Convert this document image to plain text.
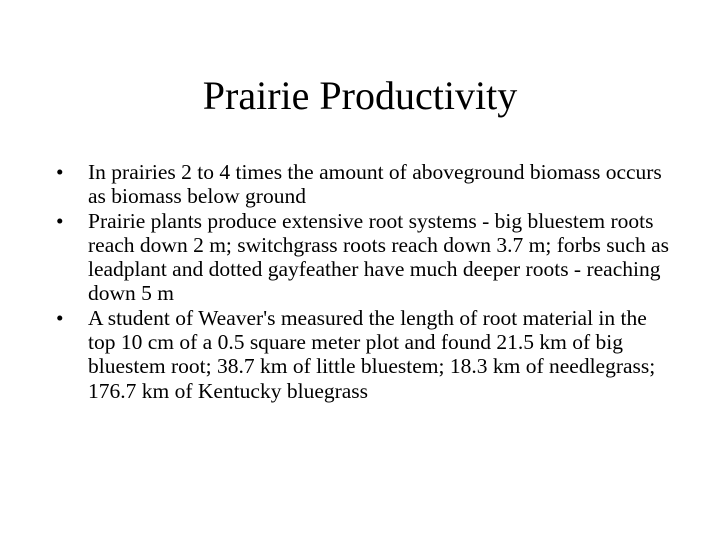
Prairie Productivity
•	In prairies 2 to 4 times the amount of aboveground biomass occurs as biomass below ground
•	Prairie plants produce extensive root systems - big bluestem roots reach down 2 m; switchgrass roots reach down 3.7 m; forbs such as leadplant and dotted gayfeather have much deeper roots - reaching down 5 m
•	A student of Weaver's measured the length of root material in the top 10 cm of a 0.5 square meter plot and found 21.5 km of big bluestem root; 38.7 km of little bluestem; 18.3 km of needlegrass; 176.7 km of Kentucky bluegrass
